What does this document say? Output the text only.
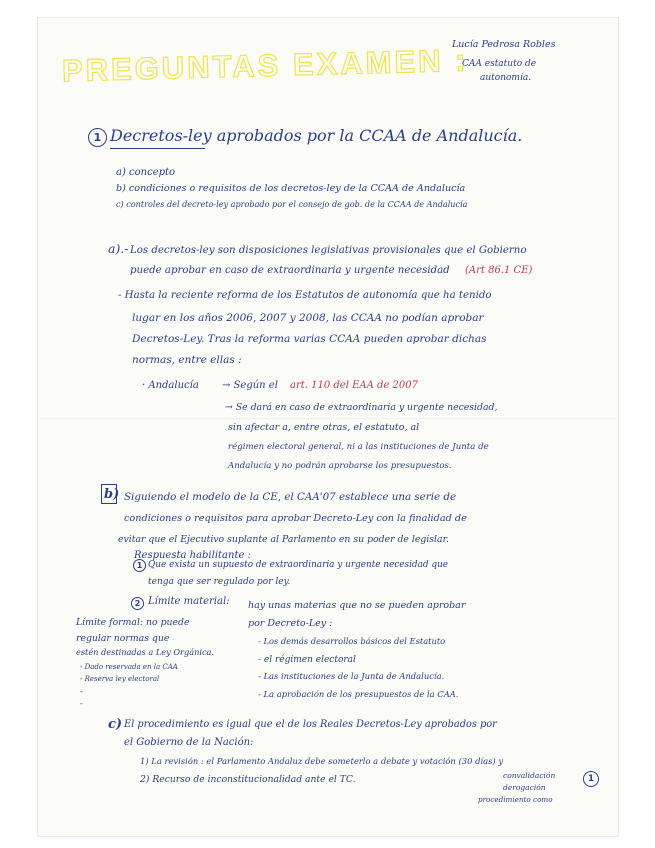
PREGUNTAS EXAMEN :
Lucía Pedrosa Robles
CAA estatuto de
autonomía.
1 Decretos-ley aprobados por la CCAA de Andalucía.
a) concepto
b) condiciones o requisitos de los decretos-ley de la CCAA de Andalucía
c) controles del decreto-ley aprobado por el consejo de gob. de la CCAA de Andalucía
a).- Los decretos-ley son disposiciones legislativas provisionales que el Gobierno
puede aprobar en caso de extraordinaria y urgente necesidad (Art 86.1 CE)
- Hasta la reciente reforma de los Estatutos de autonomía que ha tenido
lugar en los años 2006, 2007 y 2008, las CCAA no podían aprobar
Decretos-Ley. Tras la reforma varias CCAA pueden aprobar dichas
normas, entre ellas :
· Andalucía → Según el art. 110 del EAA de 2007
→ Se dará en caso de extraordinaria y urgente necesidad,
sin afectar a, entre otras, el estatuto, al
régimen electoral general, ni a las instituciones de Junta de
Andalucía y no podrán aprobarse los presupuestos.
b) Siguiendo el modelo de la CE, el CAA'07 establece una serie de
condiciones o requisitos para aprobar Decreto-Ley con la finalidad de
evitar que el Ejecutivo suplante al Parlamento en su poder de legislar.
Respuesta habilitante :
1 Que exista un supuesto de extraordinaria y urgente necesidad que
tenga que ser regulado por ley.
2 Límite material: hay unas materias que no se pueden aprobar
por Decreto-Ley :
- Los demás desarrollos básicos del Estatuto
- el régimen electoral
- Las instituciones de la Junta de Andalucía.
- La aprobación de los presupuestos de la CAA.
Límite formal: no puede
regular normas que
estén destinadas a Ley Orgánica.
- Dado reservada en la CAA
- Reserva ley electoral
-
-
c) El procedimiento es igual que el de los Reales Decretos-Ley aprobados por
el Gobierno de la Nación:
1) La revisión : el Parlamento Andaluz debe someterlo a debate y votación (30 días) y
2) Recurso de inconstitucionalidad ante el TC.	convalidación
derogación
procedimiento como
1
